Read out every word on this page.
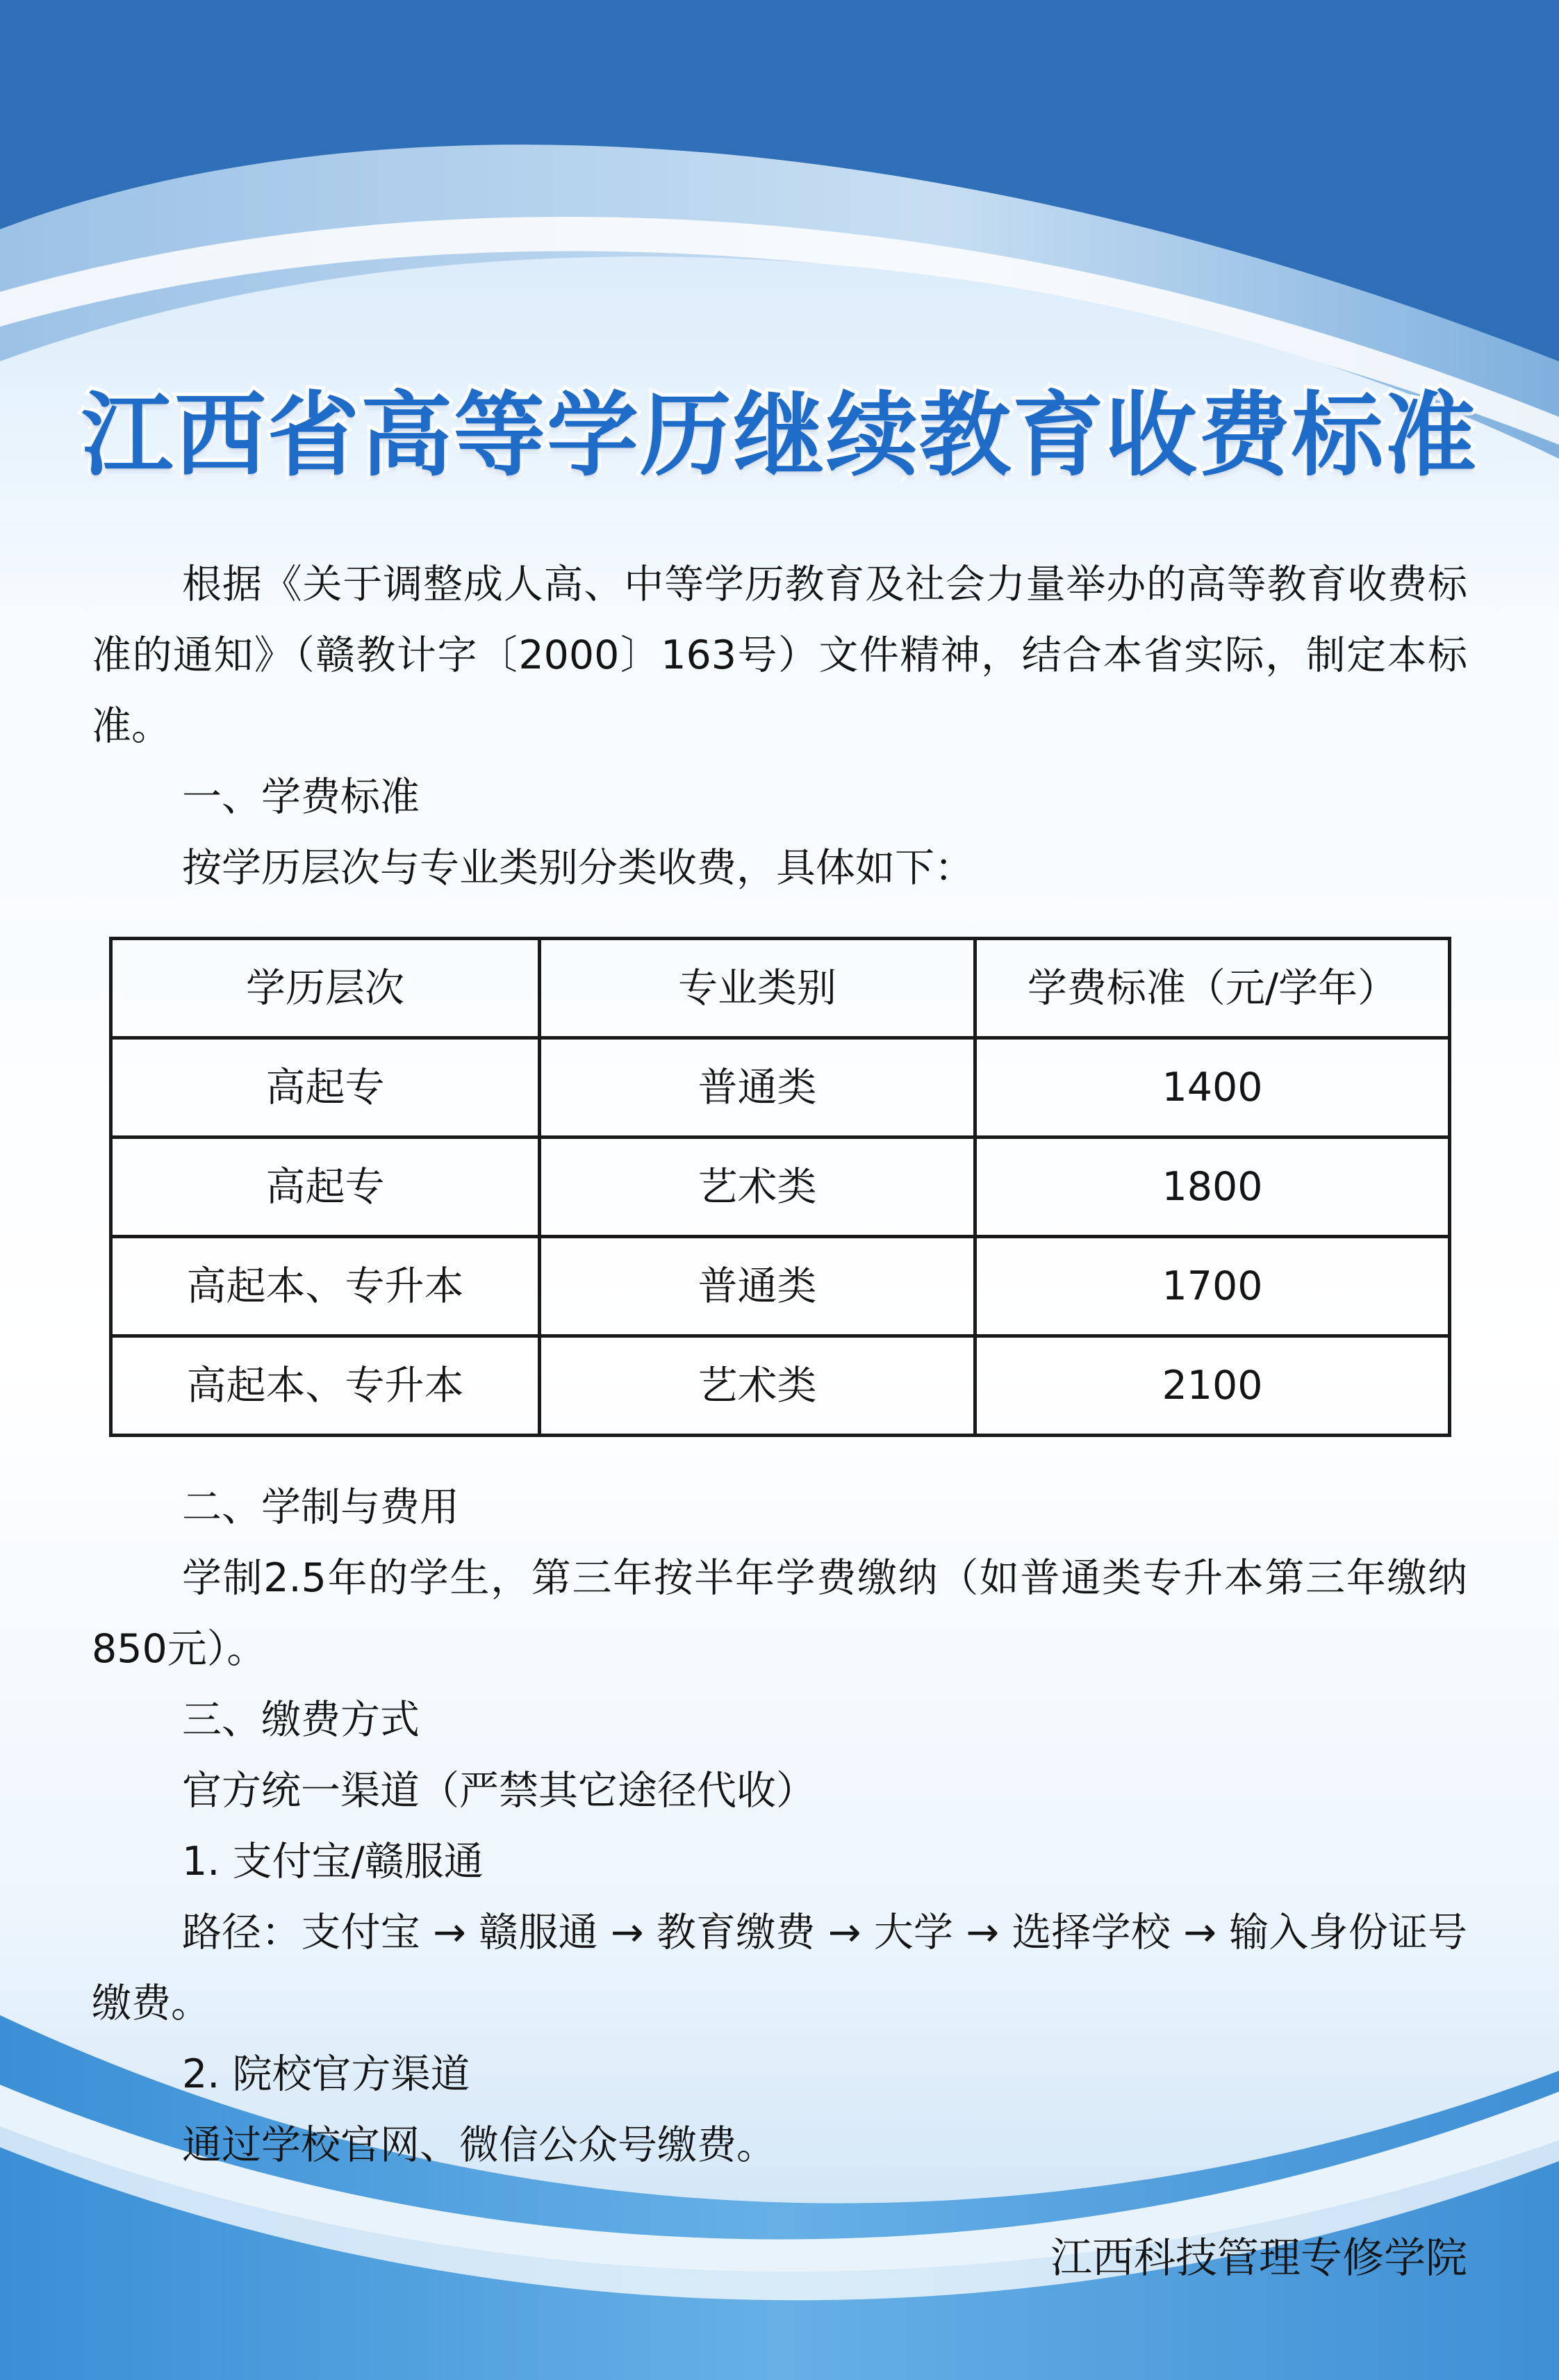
江西省高等学历继续教育收费标准

根据《关于调整成人高、中等学历教育及社会力量举办的高等教育收费标准的通知》（赣教计字〔2000〕163号）文件精神，结合本省实际，制定本标准。

一、学费标准

按学历层次与专业类别分类收费，具体如下：

学历层次	专业类别	学费标准（元/学年）
高起专	普通类	1400
高起专	艺术类	1800
高起本、专升本	普通类	1700
高起本、专升本	艺术类	2100

二、学制与费用

学制2.5年的学生，第三年按半年学费缴纳（如普通类专升本第三年缴纳850元）。

三、缴费方式

官方统一渠道（严禁其它途径代收）

1. 支付宝/赣服通

路径：支付宝 → 赣服通 → 教育缴费 → 大学 → 选择学校 → 输入身份证号缴费。

2. 院校官方渠道

通过学校官网、微信公众号缴费。

江西科技管理专修学院
